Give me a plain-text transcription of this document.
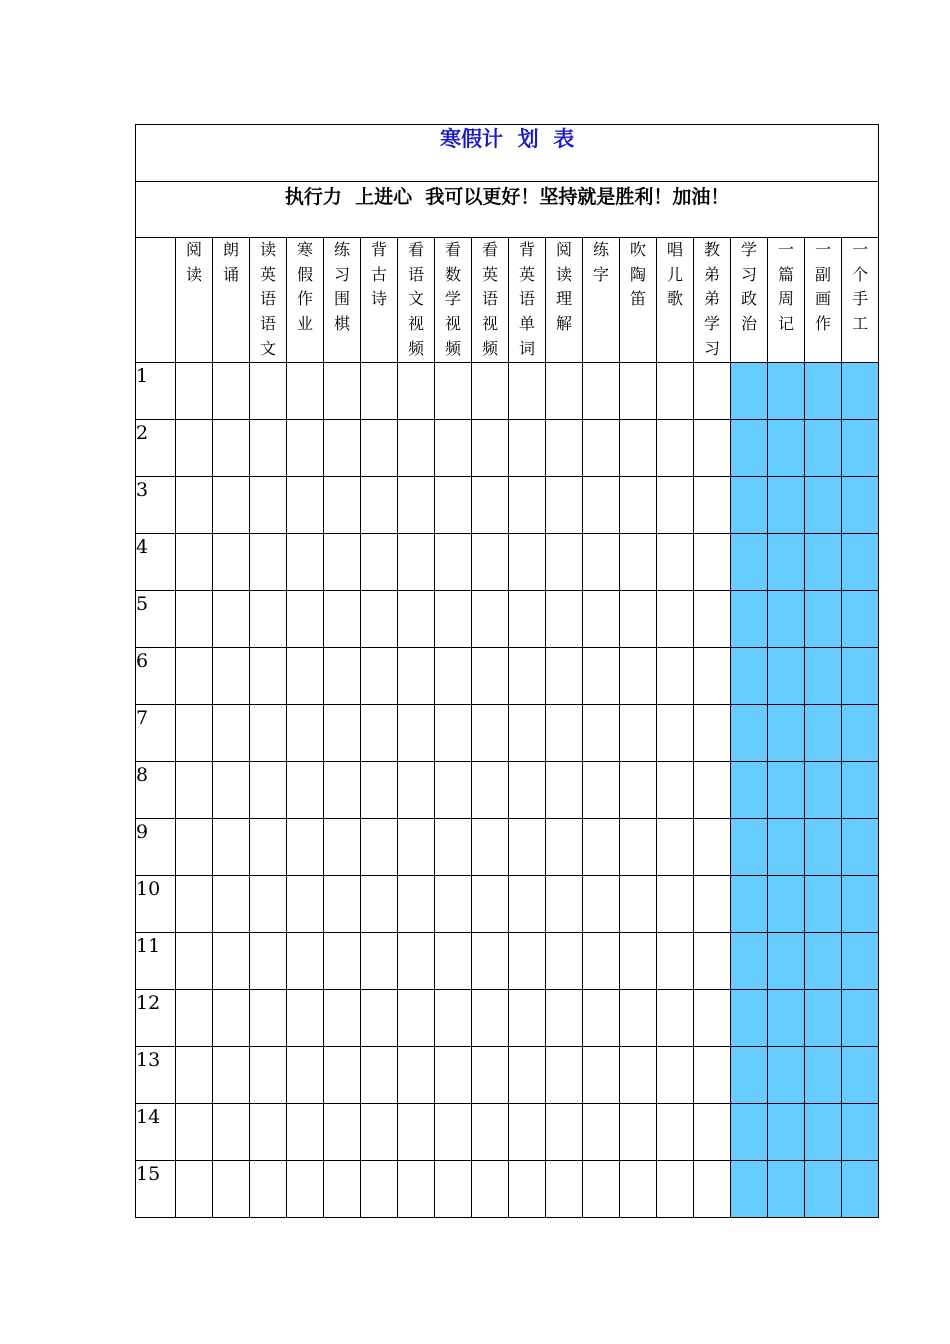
寒假计  划  表																			
执行力  上进心  我可以更好！坚持就是胜利！加油！																			
	阅读	朗诵	读英语语文	寒假作业	练习围棋	背古诗	看语文视频	看数学视频	看英语视频	背英语单词	阅读理解	练字	吹陶笛	唱儿歌	教弟弟学习	学习政治	一篇周记	一副画作	一个手工
1																			
2																			
3																			
4																			
5																			
6																			
7																			
8																			
9																			
10																			
11																			
12																			
13																			
14																			
15																			
